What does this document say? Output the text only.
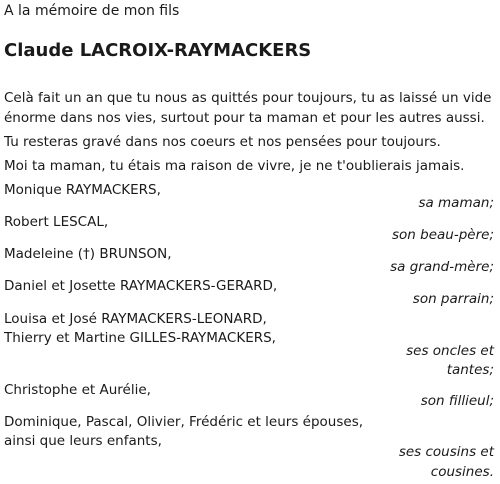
A la mémoire de mon fils
Claude LACROIX-RAYMACKERS
Celà fait un an que tu nous as quittés pour toujours, tu as laissé un vide
énorme dans nos vies, surtout pour ta maman et pour les autres aussi.
Tu resteras gravé dans nos coeurs et nos pensées pour toujours.
Moi ta maman, tu étais ma raison de vivre, je ne t'oublierais jamais.
Monique RAYMACKERS,
sa maman;
Robert LESCAL,
son beau-père;
Madeleine (†) BRUNSON,
sa grand-mère;
Daniel et Josette RAYMACKERS-GERARD,
son parrain;
Louisa et José RAYMACKERS-LEONARD,
Thierry et Martine GILLES-RAYMACKERS,
ses oncles et
tantes;
Christophe et Aurélie,
son fillieul;
Dominique, Pascal, Olivier, Frédéric et leurs épouses,
ainsi que leurs enfants,
ses cousins et
cousines.
